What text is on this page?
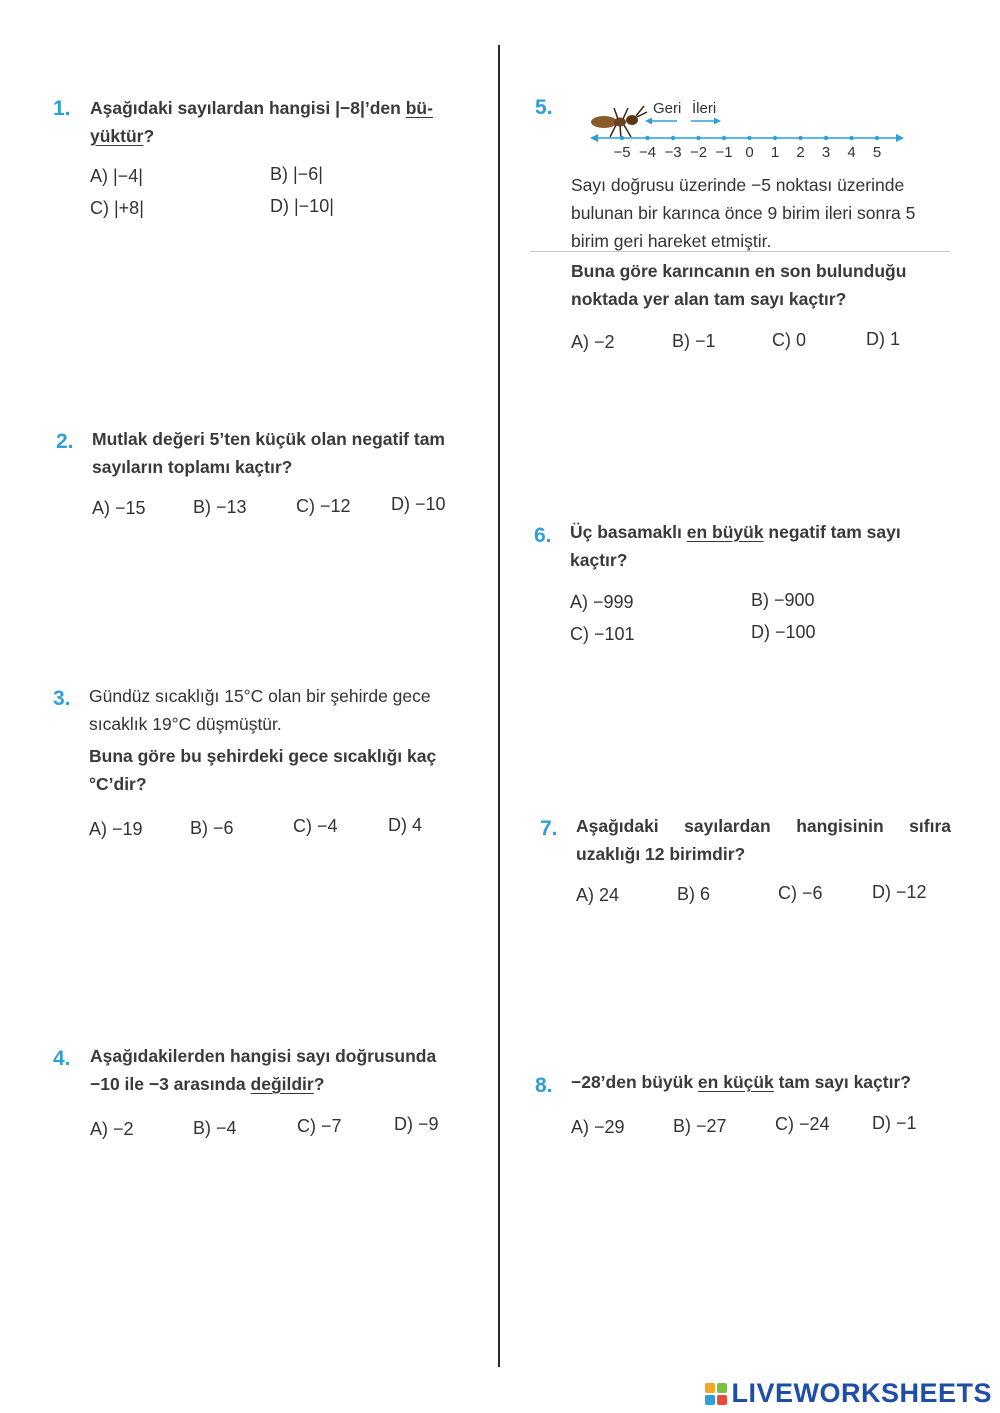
1. Aşağıdaki sayılardan hangisi |−8|’den bü-
yüktür?
A) |−4|	B) |−6|
C) |+8|	D) |−10|
2. Mutlak değeri 5’ten küçük olan negatif tam
sayıların toplamı kaçtır?
A) −15	B) −13	C) −12 D) −10
3. Gündüz sıcaklığı 15°C olan bir şehirde gece
sıcaklık 19°C düşmüştür.
Buna göre bu şehirdeki gece sıcaklığı kaç
°C’dir?
A) −19	B) −6	C) −4	D) 4
4. Aşağıdakilerden hangisi sayı doğrusunda
−10 ile −3 arasında değildir?
A) −2	B) −4	C) −7	D) −9
5.	Geri İleri
−5 −4 −3 −2 −1 0 1 2 3 4 5
Sayı doğrusu üzerinde −5 noktası üzerinde
bulunan bir karınca önce 9 birim ileri sonra 5
birim geri hareket etmiştir.
Buna göre karıncanın en son bulunduğu
noktada yer alan tam sayı kaçtır?
A) −2	B) −1	C) 0	D) 1
6. Üç basamaklı en büyük negatif tam sayı
kaçtır?
A) −999	B) −900
C) −101	D) −100
7. Aşağıdaki sayılardan hangisinin sıfıra
uzaklığı 12 birimdir?
A) 24	B) 6	C) −6	D) −12
8. −28’den büyük en küçük tam sayı kaçtır?
A) −29	B) −27	C) −24 D) −1
LIVEWORKSHEETS
